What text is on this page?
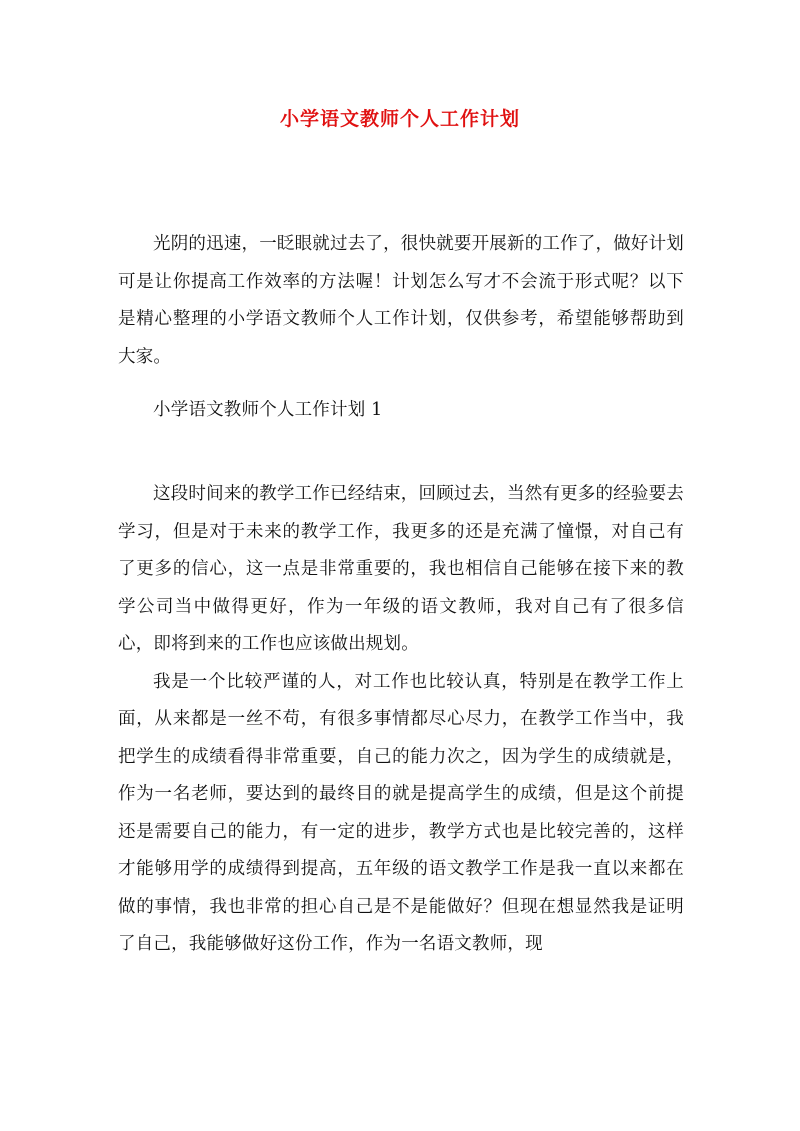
小学语文教师个人工作计划

光阴的迅速，一眨眼就过去了，很快就要开展新的工作了，做好计划可是让你提高工作效率的方法喔！计划怎么写才不会流于形式呢？以下是精心整理的小学语文教师个人工作计划，仅供参考，希望能够帮助到大家。

小学语文教师个人工作计划 1

这段时间来的教学工作已经结束，回顾过去，当然有更多的经验要去学习，但是对于未来的教学工作，我更多的还是充满了憧憬，对自己有了更多的信心，这一点是非常重要的，我也相信自己能够在接下来的教学公司当中做得更好，作为一年级的语文教师，我对自己有了很多信心，即将到来的工作也应该做出规划。

我是一个比较严谨的人，对工作也比较认真，特别是在教学工作上面，从来都是一丝不苟，有很多事情都尽心尽力，在教学工作当中，我把学生的成绩看得非常重要，自己的能力次之，因为学生的成绩就是，作为一名老师，要达到的最终目的就是提高学生的成绩，但是这个前提还是需要自己的能力，有一定的进步，教学方式也是比较完善的，这样才能够用学的成绩得到提高，五年级的语文教学工作是我一直以来都在做的事情，我也非常的担心自己是不是能做好？但现在想显然我是证明了自己，我能够做好这份工作，作为一名语文教师，现
